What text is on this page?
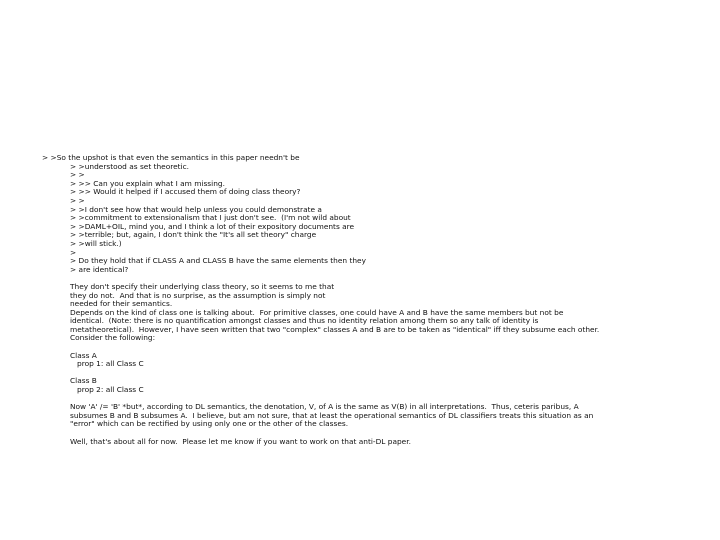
> >So the upshot is that even the semantics in this paper needn't be
> >understood as set theoretic.
> >
> >> Can you explain what I am missing.
> >> Would it helped if I accused them of doing class theory?
> >
> >I don't see how that would help unless you could demonstrate a
> >commitment to extensionalism that I just don't see.  (I'm not wild about
> >DAML+OIL, mind you, and I think a lot of their expository documents are
> >terrible; but, again, I don't think the "It's all set theory" charge
> >will stick.)
>
> Do they hold that if CLASS A and CLASS B have the same elements then they
> are identical?
They don't specify their underlying class theory, so it seems to me that
they do not.  And that is no surprise, as the assumption is simply not
needed for their semantics.
Depends on the kind of class one is talking about.  For primitive classes, one could have A and B have the same members but not be
identical.  (Note: there is no quantification amongst classes and thus no identity relation among them so any talk of identity is
metatheoretical).  However, I have seen written that two "complex" classes A and B are to be taken as "identical" iff they subsume each other.
Consider the following:
Class A
prop 1: all Class C
Class B
prop 2: all Class C
Now 'A' /= 'B' *but*, according to DL semantics, the denotation, V, of A is the same as V(B) in all interpretations.  Thus, ceteris paribus, A
subsumes B and B subsumes A.  I believe, but am not sure, that at least the operational semantics of DL classifiers treats this situation as an
"error" which can be rectified by using only one or the other of the classes.
Well, that's about all for now.  Please let me know if you want to work on that anti-DL paper.
